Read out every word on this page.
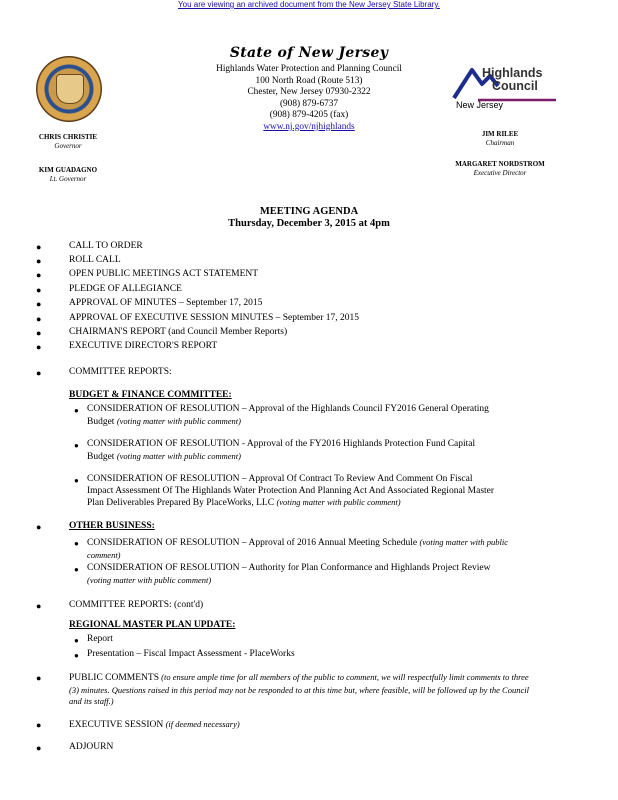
You are viewing an archived document from the New Jersey State Library.
State of New Jersey
Highlands Water Protection and Planning Council
100 North Road (Route 513)
Chester, New Jersey 07930-2322
(908) 879-6737
(908) 879-4205 (fax)
www.nj.gov/njhighlands
Highlands
Council
New Jersey
CHRIS CHRISTIE
Governor
KIM GUADAGNO
Lt. Governor
JIM RILEE
Chairman
MARGARET NORDSTROM
Executive Director
MEETING AGENDA
Thursday, December 3, 2015 at 4pm
●	CALL TO ORDER
●	ROLL CALL
●	OPEN PUBLIC MEETINGS ACT STATEMENT
●	PLEDGE OF ALLEGIANCE
●	APPROVAL OF MINUTES – September 17, 2015
●	APPROVAL OF EXECUTIVE SESSION MINUTES – September 17, 2015
●	CHAIRMAN'S REPORT (and Council Member Reports)
●	EXECUTIVE DIRECTOR'S REPORT
●	COMMITTEE REPORTS:
BUDGET & FINANCE COMMITTEE:
● CONSIDERATION OF RESOLUTION – Approval of the Highlands Council FY2016 General Operating
Budget (voting matter with public comment)
● CONSIDERATION OF RESOLUTION - Approval of the FY2016 Highlands Protection Fund Capital
Budget (voting matter with public comment)
● CONSIDERATION OF RESOLUTION – Approval Of Contract To Review And Comment On Fiscal
Impact Assessment Of The Highlands Water Protection And Planning Act And Associated Regional Master
Plan Deliverables Prepared By PlaceWorks, LLC (voting matter with public comment)
●	OTHER BUSINESS:
● CONSIDERATION OF RESOLUTION – Approval of 2016 Annual Meeting Schedule (voting matter with public
comment)
● CONSIDERATION OF RESOLUTION – Authority for Plan Conformance and Highlands Project Review
(voting matter with public comment)
●	COMMITTEE REPORTS: (cont'd)
REGIONAL MASTER PLAN UPDATE:
● Report
● Presentation – Fiscal Impact Assessment - PlaceWorks
●	PUBLIC COMMENTS (to ensure ample time for all members of the public to comment, we will respectfully limit comments to three
(3) minutes. Questions raised in this period may not be responded to at this time but, where feasible, will be followed up by the Council
and its staff.)
●	EXECUTIVE SESSION (if deemed necessary)
●	ADJOURN
